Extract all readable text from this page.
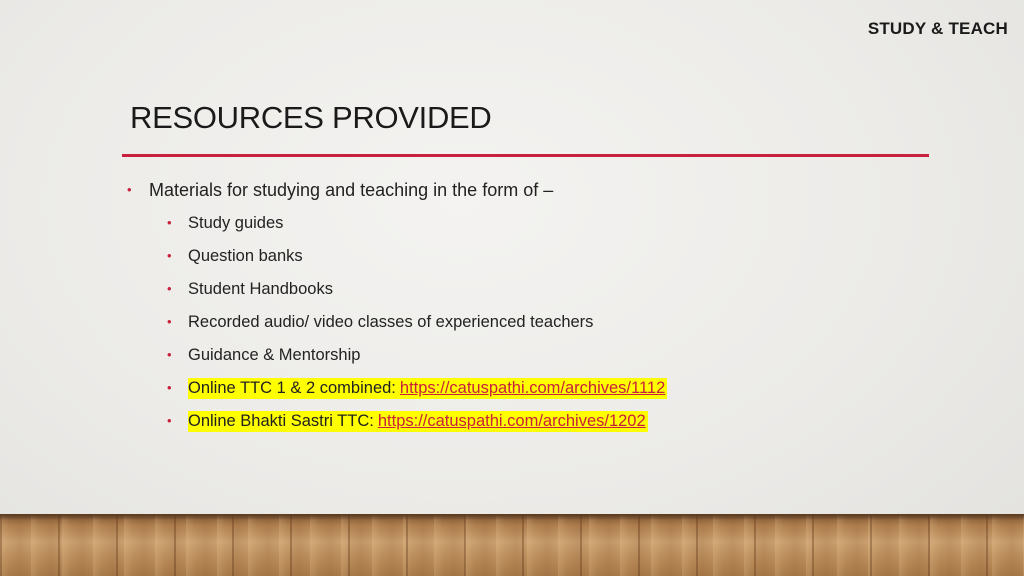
STUDY & TEACH
RESOURCES PROVIDED
• Materials for studying and teaching in the form of –
• Study guides
• Question banks
• Student Handbooks
• Recorded audio/ video classes of experienced teachers
• Guidance & Mentorship
• Online TTC 1 & 2 combined: https://catuspathi.com/archives/1112
• Online Bhakti Sastri TTC: https://catuspathi.com/archives/1202
